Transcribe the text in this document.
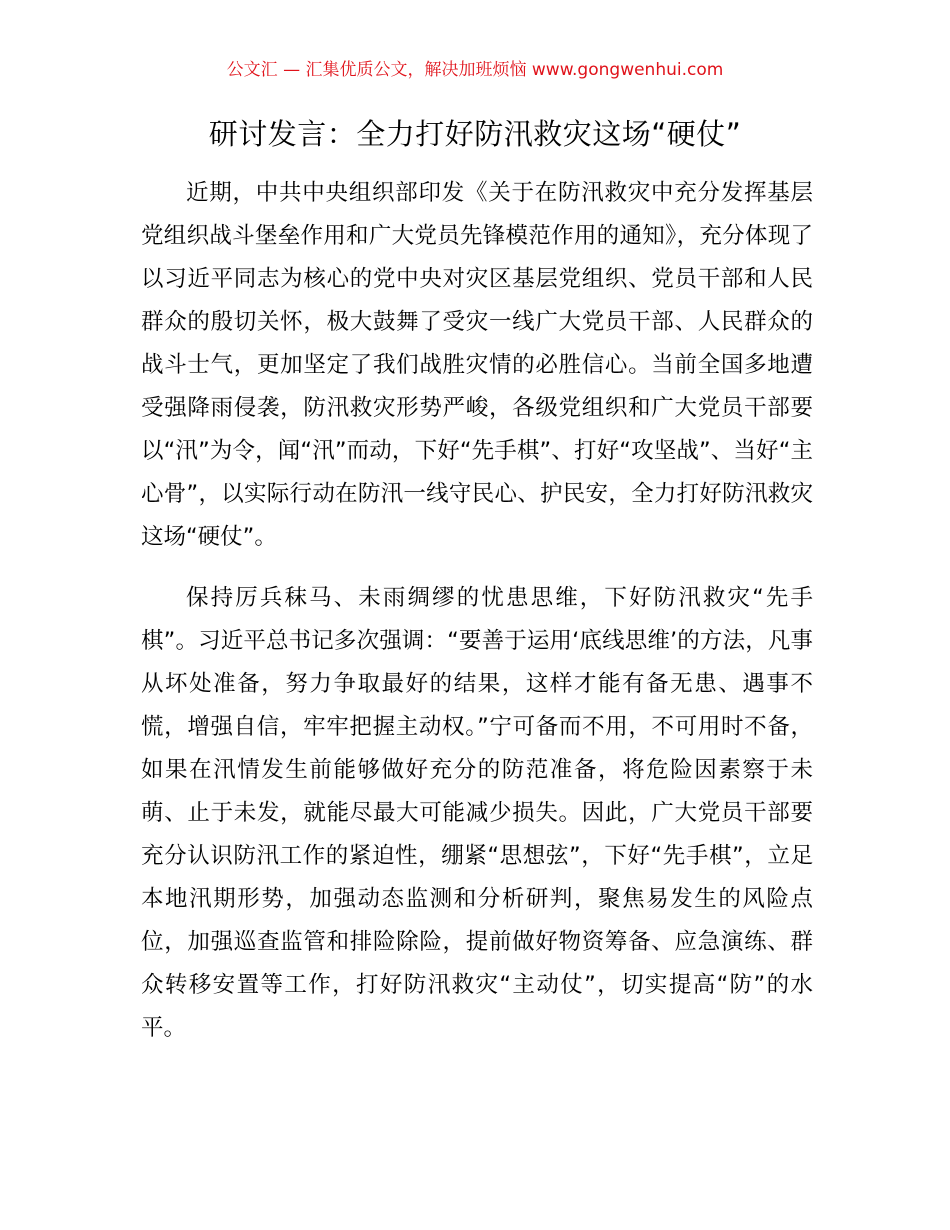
公文汇 — 汇集优质公文，解决加班烦恼 www.gongwenhui.com
研讨发言：全力打好防汛救灾这场“硬仗”

近期，中共中央组织部印发《关于在防汛救灾中充分发挥基层党组织战斗堡垒作用和广大党员先锋模范作用的通知》，充分体现了以习近平同志为核心的党中央对灾区基层党组织、党员干部和人民群众的殷切关怀，极大鼓舞了受灾一线广大党员干部、人民群众的战斗士气，更加坚定了我们战胜灾情的必胜信心。当前全国多地遭受强降雨侵袭，防汛救灾形势严峻，各级党组织和广大党员干部要以“汛”为令，闻“汛”而动，下好“先手棋”、打好“攻坚战”、当好“主心骨”，以实际行动在防汛一线守民心、护民安，全力打好防汛救灾这场“硬仗”。

保持厉兵秣马、未雨绸缪的忧患思维，下好防汛救灾“先手棋”。习近平总书记多次强调：“要善于运用‘底线思维’的方法，凡事从坏处准备，努力争取最好的结果，这样才能有备无患、遇事不慌，增强自信，牢牢把握主动权。”宁可备而不用，不可用时不备，如果在汛情发生前能够做好充分的防范准备，将危险因素察于未萌、止于未发，就能尽最大可能减少损失。因此，广大党员干部要充分认识防汛工作的紧迫性，绷紧“思想弦”，下好“先手棋”，立足本地汛期形势，加强动态监测和分析研判，聚焦易发生的风险点位，加强巡查监管和排险除险，提前做好物资筹备、应急演练、群众转移安置等工作，打好防汛救灾“主动仗”，切实提高“防”的水平。
